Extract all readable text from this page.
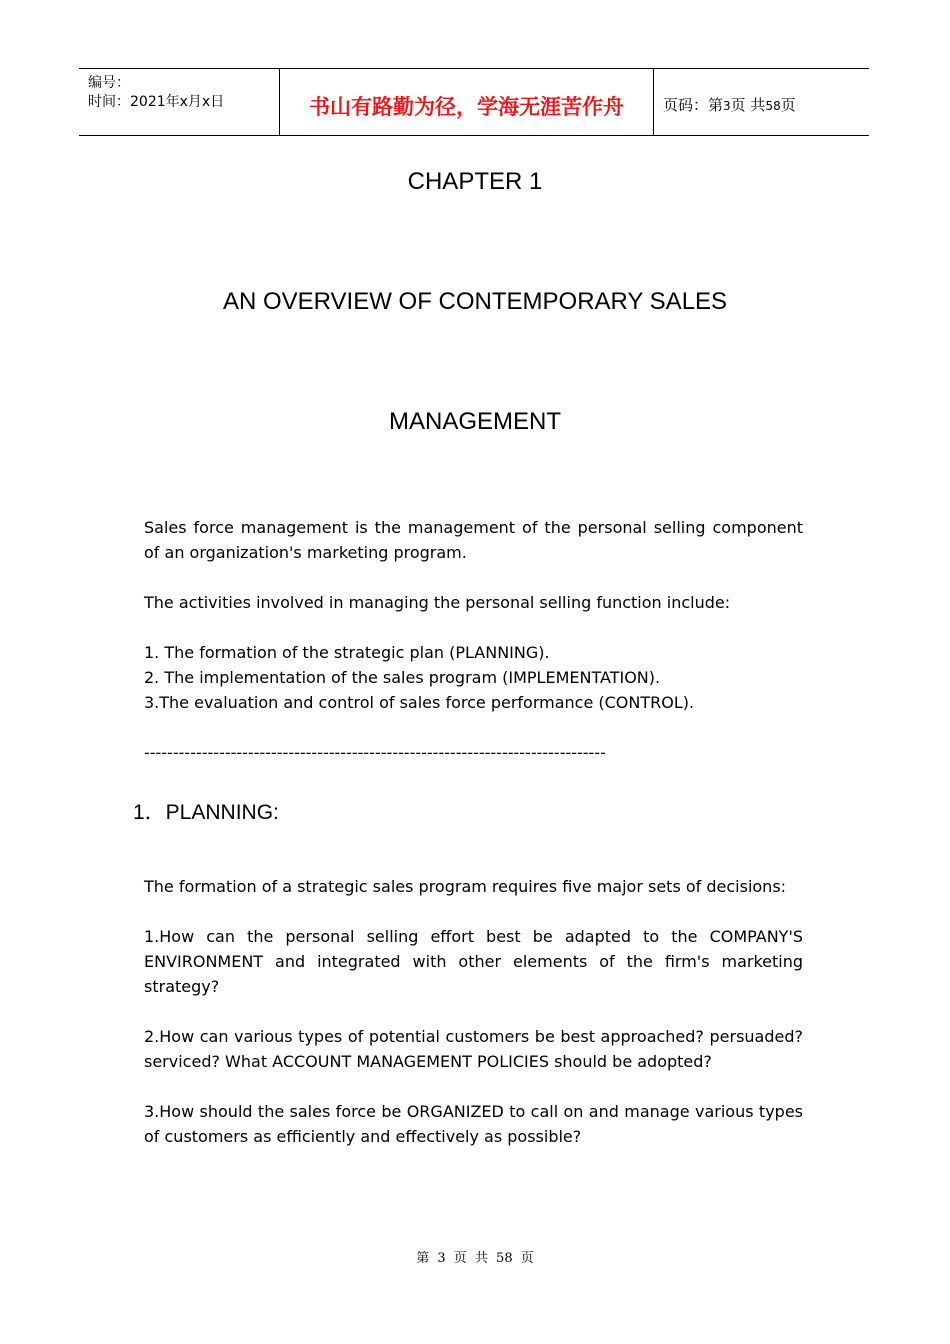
编号：
时间：2021年x月x日	书山有路勤为径，学海无涯苦作舟	页码：第3页 共58页
CHAPTER 1
AN OVERVIEW OF CONTEMPORARY SALES
MANAGEMENT

Sales force management is the management of the personal selling component of an organization's marketing program.

The activities involved in managing the personal selling function include:

1. The formation of the strategic plan (PLANNING).
2. The implementation of the sales program (IMPLEMENTATION).
3.The evaluation and control of sales force performance (CONTROL).

--------------------------------------------------------------------------------

1．PLANNING:

The formation of a strategic sales program requires five major sets of decisions:

1.How can the personal selling effort best be adapted to the COMPANY'S ENVIRONMENT and integrated with other elements of the firm's marketing strategy?

2.How can various types of potential customers be best approached? persuaded? serviced? What ACCOUNT MANAGEMENT POLICIES should be adopted?

3.How should the sales force be ORGANIZED to call on and manage various types of customers as efficiently and effectively as possible?

第 3 页 共 58 页
